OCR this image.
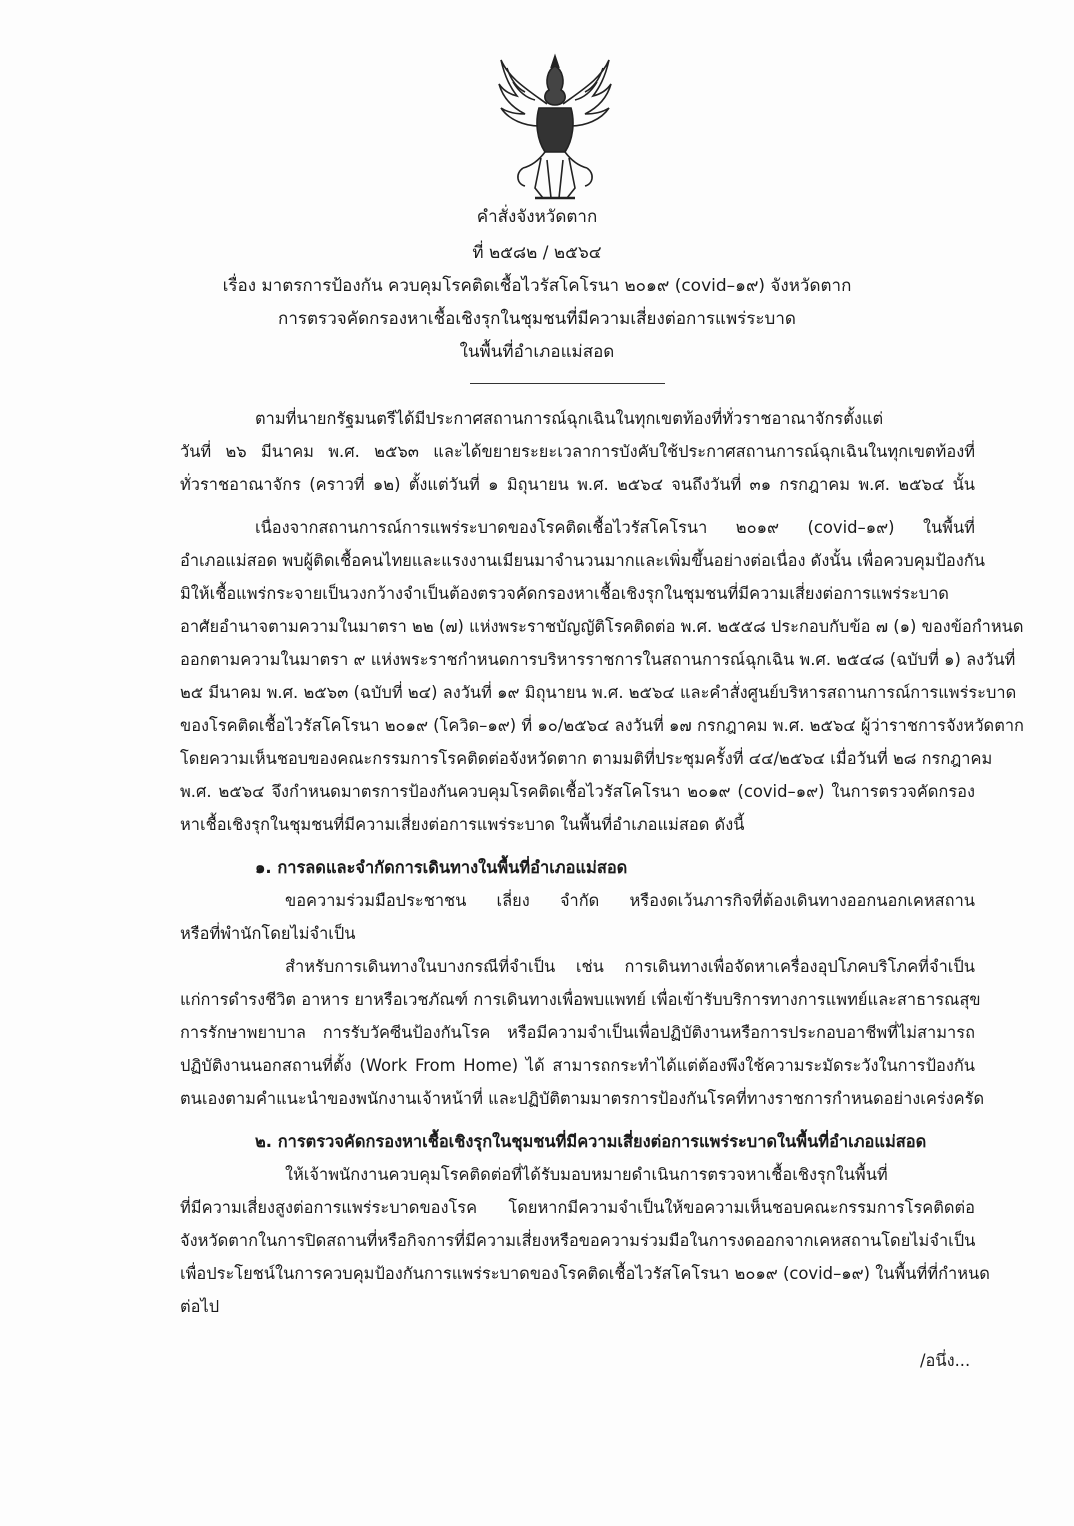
คำสั่งจังหวัดตาก
ที่ ๒๕๘๒ / ๒๕๖๔
เรื่อง มาตรการป้องกัน ควบคุมโรคติดเชื้อไวรัสโคโรนา ๒๐๑๙ (covid–๑๙) จังหวัดตาก
การตรวจคัดกรองหาเชื้อเชิงรุกในชุมชนที่มีความเสี่ยงต่อการแพร่ระบาด
ในพื้นที่อำเภอแม่สอด
ตามที่นายกรัฐมนตรีได้มีประกาศสถานการณ์ฉุกเฉินในทุกเขตท้องที่ทั่วราชอาณาจักรตั้งแต่
วันที่ ๒๖ มีนาคม พ.ศ. ๒๕๖๓ และได้ขยายระยะเวลาการบังคับใช้ประกาศสถานการณ์ฉุกเฉินในทุกเขตท้องที่
ทั่วราชอาณาจักร (คราวที่ ๑๒) ตั้งแต่วันที่ ๑ มิถุนายน พ.ศ. ๒๕๖๔ จนถึงวันที่ ๓๑ กรกฎาคม พ.ศ. ๒๕๖๔ นั้น
เนื่องจากสถานการณ์การแพร่ระบาดของโรคติดเชื้อไวรัสโคโรนา ๒๐๑๙ (covid–๑๙) ในพื้นที่
อำเภอแม่สอด พบผู้ติดเชื้อคนไทยและแรงงานเมียนมาจำนวนมากและเพิ่มขึ้นอย่างต่อเนื่อง ดังนั้น เพื่อควบคุมป้องกัน
มิให้เชื้อแพร่กระจายเป็นวงกว้างจำเป็นต้องตรวจคัดกรองหาเชื้อเชิงรุกในชุมชนที่มีความเสี่ยงต่อการแพร่ระบาด
อาศัยอำนาจตามความในมาตรา ๒๒ (๗) แห่งพระราชบัญญัติโรคติดต่อ พ.ศ. ๒๕๕๘ ประกอบกับข้อ ๗ (๑) ของข้อกำหนด
ออกตามความในมาตรา ๙ แห่งพระราชกำหนดการบริหารราชการในสถานการณ์ฉุกเฉิน พ.ศ. ๒๕๔๘ (ฉบับที่ ๑) ลงวันที่
๒๕ มีนาคม พ.ศ. ๒๕๖๓ (ฉบับที่ ๒๔) ลงวันที่ ๑๙ มิถุนายน พ.ศ. ๒๕๖๔ และคำสั่งศูนย์บริหารสถานการณ์การแพร่ระบาด
ของโรคติดเชื้อไวรัสโคโรนา ๒๐๑๙ (โควิด–๑๙) ที่ ๑๐/๒๕๖๔ ลงวันที่ ๑๗ กรกฎาคม พ.ศ. ๒๕๖๔ ผู้ว่าราชการจังหวัดตาก
โดยความเห็นชอบของคณะกรรมการโรคติดต่อจังหวัดตาก ตามมติที่ประชุมครั้งที่ ๔๔/๒๕๖๔ เมื่อวันที่ ๒๘ กรกฎาคม
พ.ศ. ๒๕๖๔ จึงกำหนดมาตรการป้องกันควบคุมโรคติดเชื้อไวรัสโคโรนา ๒๐๑๙ (covid–๑๙) ในการตรวจคัดกรอง
หาเชื้อเชิงรุกในชุมชนที่มีความเสี่ยงต่อการแพร่ระบาด ในพื้นที่อำเภอแม่สอด ดังนี้
๑. การลดและจำกัดการเดินทางในพื้นที่อำเภอแม่สอด
ขอความร่วมมือประชาชน เลี่ยง จำกัด หรืองดเว้นภารกิจที่ต้องเดินทางออกนอกเคหสถาน
หรือที่พำนักโดยไม่จำเป็น
สำหรับการเดินทางในบางกรณีที่จำเป็น เช่น การเดินทางเพื่อจัดหาเครื่องอุปโภคบริโภคที่จำเป็น
แก่การดำรงชีวิต อาหาร ยาหรือเวชภัณฑ์ การเดินทางเพื่อพบแพทย์ เพื่อเข้ารับบริการทางการแพทย์และสาธารณสุข
การรักษาพยาบาล การรับวัคซีนป้องกันโรค หรือมีความจำเป็นเพื่อปฏิบัติงานหรือการประกอบอาชีพที่ไม่สามารถ
ปฏิบัติงานนอกสถานที่ตั้ง (Work From Home) ได้ สามารถกระทำได้แต่ต้องพึงใช้ความระมัดระวังในการป้องกัน
ตนเองตามคำแนะนำของพนักงานเจ้าหน้าที่ และปฏิบัติตามมาตรการป้องกันโรคที่ทางราชการกำหนดอย่างเคร่งครัด
๒. การตรวจคัดกรองหาเชื้อเชิงรุกในชุมชนที่มีความเสี่ยงต่อการแพร่ระบาดในพื้นที่อำเภอแม่สอด
ให้เจ้าพนักงานควบคุมโรคติดต่อที่ได้รับมอบหมายดำเนินการตรวจหาเชื้อเชิงรุกในพื้นที่
ที่มีความเสี่ยงสูงต่อการแพร่ระบาดของโรค โดยหากมีความจำเป็นให้ขอความเห็นชอบคณะกรรมการโรคติดต่อ
จังหวัดตากในการปิดสถานที่หรือกิจการที่มีความเสี่ยงหรือขอความร่วมมือในการงดออกจากเคหสถานโดยไม่จำเป็น
เพื่อประโยชน์ในการควบคุมป้องกันการแพร่ระบาดของโรคติดเชื้อไวรัสโคโรนา ๒๐๑๙ (covid–๑๙) ในพื้นที่ที่กำหนด
ต่อไป
/อนึ่ง...
